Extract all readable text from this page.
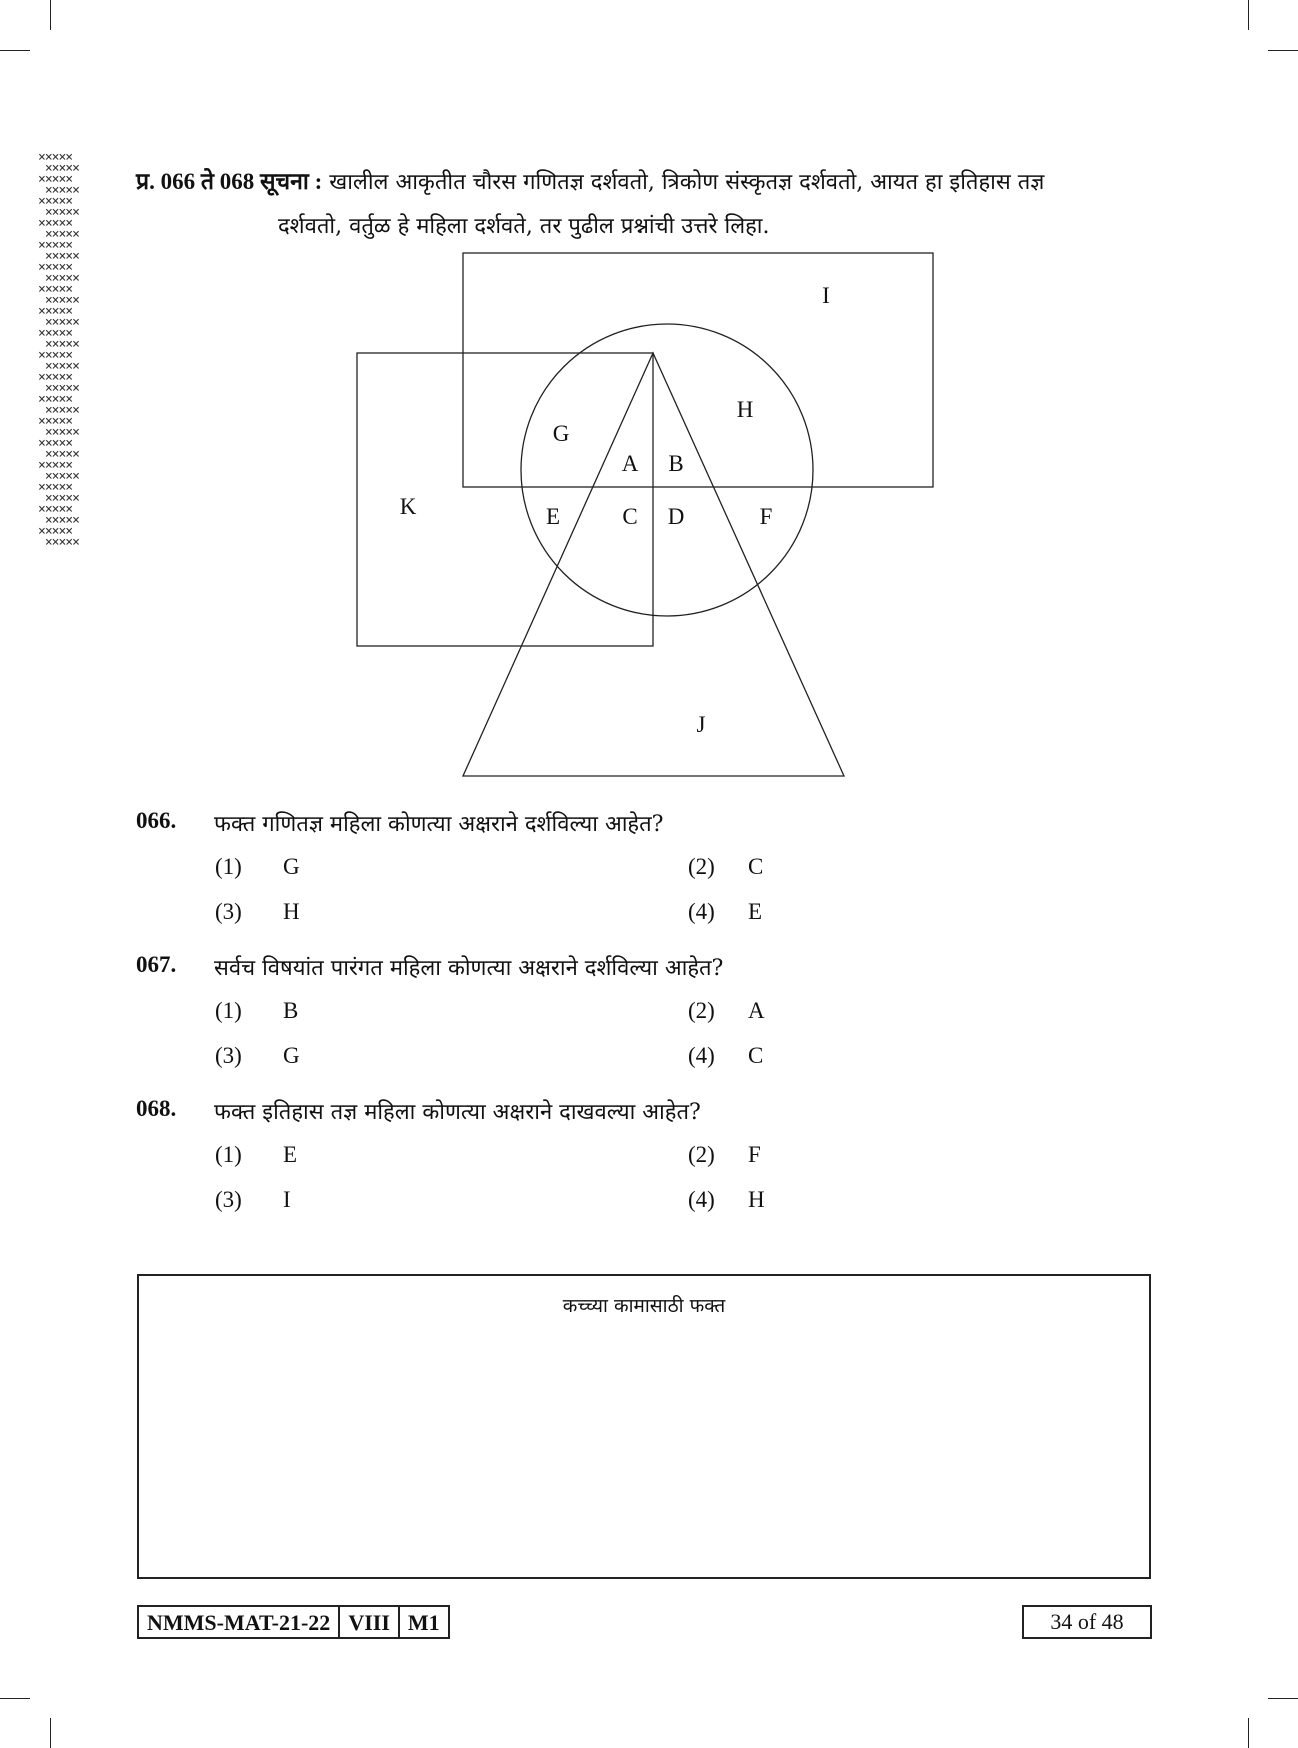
×××××
×××××
×××××
×××××
×××××
×××××
×××××
×××××
×××××
×××××
×××××
×××××
×××××
×××××
×××××
×××××
×××××
×××××
×××××
×××××
×××××
×××××
×××××
×××××
×××××
×××××
×××××
×××××
×××××
×××××
×××××
×××××
×××××
×××××
×××××
×××××

प्र. 066 ते 068 सूचना : खालील आकृतीत चौरस गणितज्ञ दर्शवतो, त्रिकोण संस्कृतज्ञ दर्शवतो, आयत हा इतिहास तज्ञ
दर्शवतो, वर्तुळ हे महिला दर्शवते, तर पुढील प्रश्नांची उत्तरे लिहा.
I
H
G
A B
K	E	C D	F
J
066. फक्त गणितज्ञ महिला कोणत्या अक्षराने दर्शविल्या आहेत?
(1) G	(2) C
(3) H	(4) E
067. सर्वच विषयांत पारंगत महिला कोणत्या अक्षराने दर्शविल्या आहेत?
(1) B	(2) A
(3) G	(4) C
068. फक्त इतिहास तज्ञ महिला कोणत्या अक्षराने दाखवल्या आहेत?
(1) E	(2) F
(3) I	(4) H
कच्च्या कामासाठी फक्त
NMMS-MAT-21-22 VIII M1	34 of 48
